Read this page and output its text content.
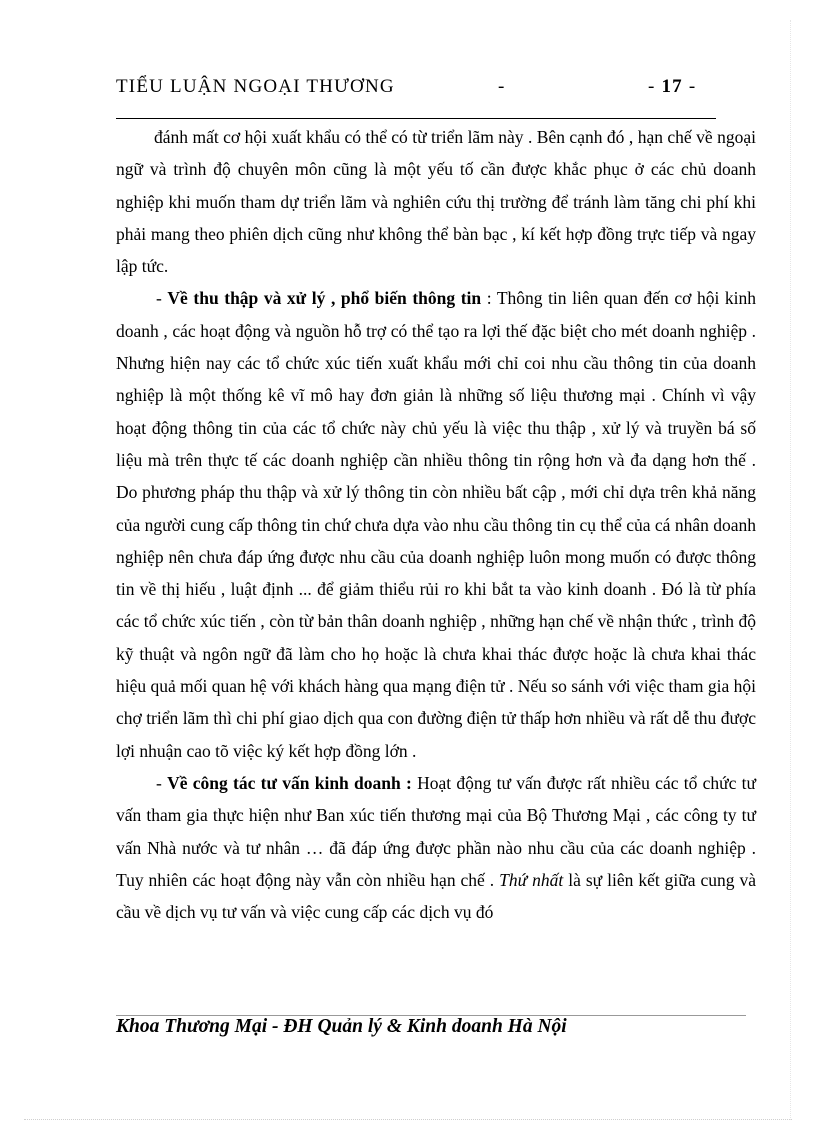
TIỂU LUẬN NGOẠI THƯƠNG	-	- 17 -

đánh mất cơ hội xuất khẩu có thể có từ triển lãm này . Bên cạnh đó , hạn chế về ngoại ngữ và trình độ chuyên môn cũng là một yếu tố cần được khắc phục ở các chủ doanh nghiệp khi muốn tham dự triển lãm và nghiên cứu thị trường để tránh làm tăng chi phí khi phải mang theo phiên dịch cũng như không thể bàn bạc , kí kết hợp đồng trực tiếp và ngay lập tức.

- Về thu thập và xử lý , phổ biến thông tin : Thông tin liên quan đến cơ hội kinh doanh , các hoạt động và nguồn hỗ trợ có thể tạo ra lợi thế đặc biệt cho mét doanh nghiệp . Nhưng hiện nay các tổ chức xúc tiến xuất khẩu mới chỉ coi nhu cầu thông tin của doanh nghiệp là một thống kê vĩ mô hay đơn giản là những số liệu thương mại . Chính vì vậy hoạt động thông tin của các tổ chức này chủ yếu là việc thu thập , xử lý và truyền bá số liệu mà trên thực tế các doanh nghiệp cần nhiều thông tin rộng hơn và đa dạng hơn thế . Do phương pháp thu thập và xử lý thông tin còn nhiều bất cập , mới chỉ dựa trên khả năng của người cung cấp thông tin chứ chưa dựa vào nhu cầu thông tin cụ thể của cá nhân doanh nghiệp nên chưa đáp ứng được nhu cầu của doanh nghiệp luôn mong muốn có được thông tin về thị hiếu , luật định ... để giảm thiểu rủi ro khi bắt ta vào kinh doanh . Đó là từ phía các tổ chức xúc tiến , còn từ bản thân doanh nghiệp , những hạn chế về nhận thức , trình độ kỹ thuật và ngôn ngữ đã làm cho họ hoặc là chưa khai thác được hoặc là chưa khai thác hiệu quả mối quan hệ với khách hàng qua mạng điện tử . Nếu so sánh với việc tham gia hội chợ triển lãm thì chi phí giao dịch qua con đường điện tử thấp hơn nhiều và rất dễ thu được lợi nhuận cao tõ việc ký kết hợp đồng lớn .

- Về công tác tư vấn kinh doanh : Hoạt động tư vấn được rất nhiều các tổ chức tư vấn tham gia thực hiện như Ban xúc tiến thương mại của Bộ Thương Mại , các công ty tư vấn Nhà nước và tư nhân … đã đáp ứng được phần nào nhu cầu của các doanh nghiệp . Tuy nhiên các hoạt động này vẫn còn nhiều hạn chế . Thứ nhất là sự liên kết giữa cung và cầu về dịch vụ tư vấn và việc cung cấp các dịch vụ đó

Khoa Thương Mại - ĐH Quản lý & Kinh doanh Hà Nội
